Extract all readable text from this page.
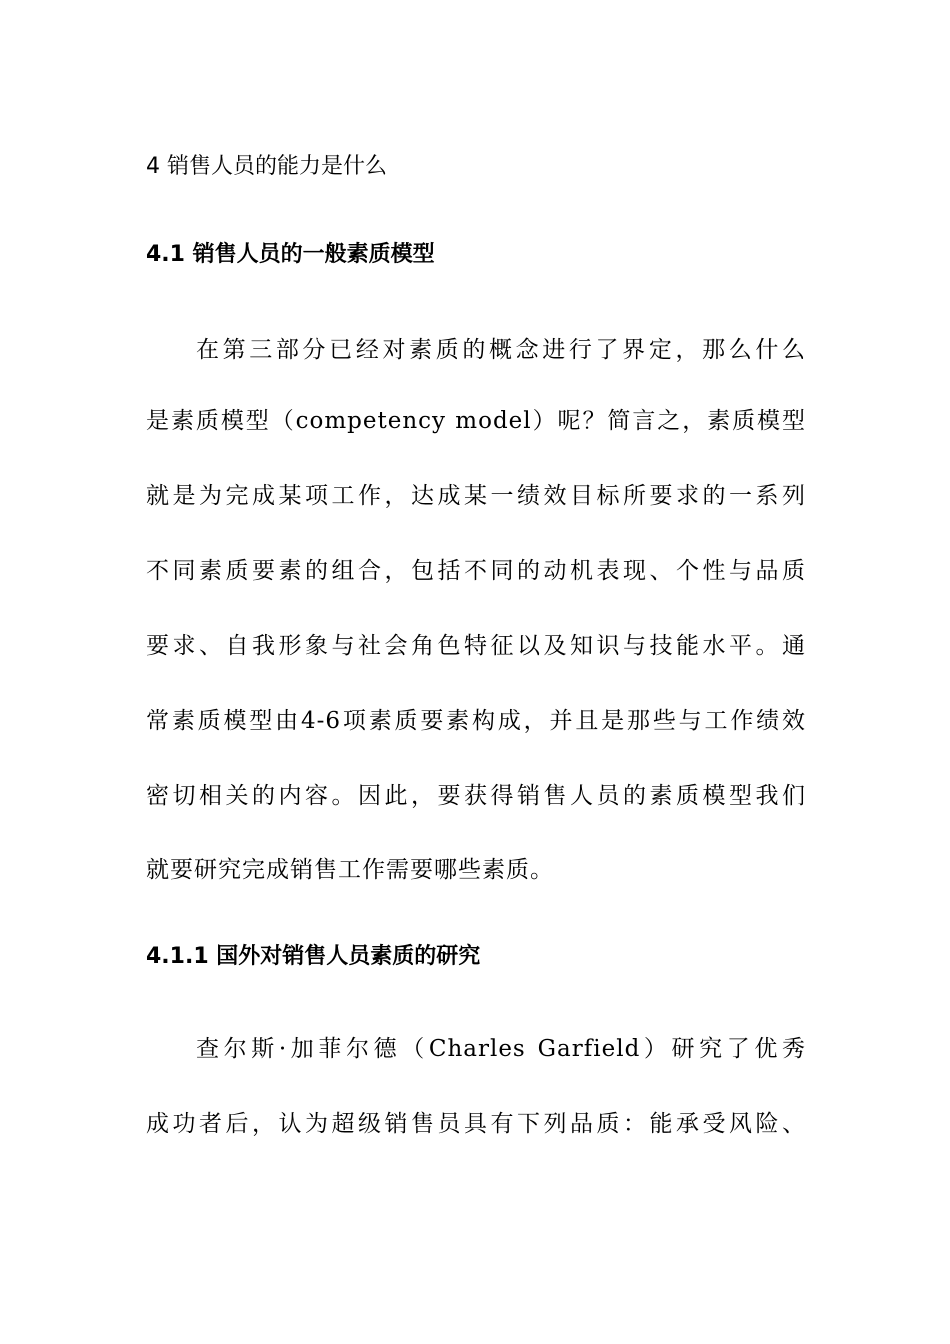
4 销售人员的能力是什么
4.1 销售人员的一般素质模型
在第三部分已经对素质的概念进行了界定，那么什么
是素质模型（competency model）呢？简言之，素质模型
就是为完成某项工作，达成某一绩效目标所要求的一系列
不同素质要素的组合，包括不同的动机表现、个性与品质
要求、自我形象与社会角色特征以及知识与技能水平。通
常素质模型由4-6项素质要素构成，并且是那些与工作绩效
密切相关的内容。因此，要获得销售人员的素质模型我们
就要研究完成销售工作需要哪些素质。
4.1.1 国外对销售人员素质的研究
查尔斯·加菲尔德（Charles Garfield）研究了优秀
成功者后，认为超级销售员具有下列品质：能承受风险、
